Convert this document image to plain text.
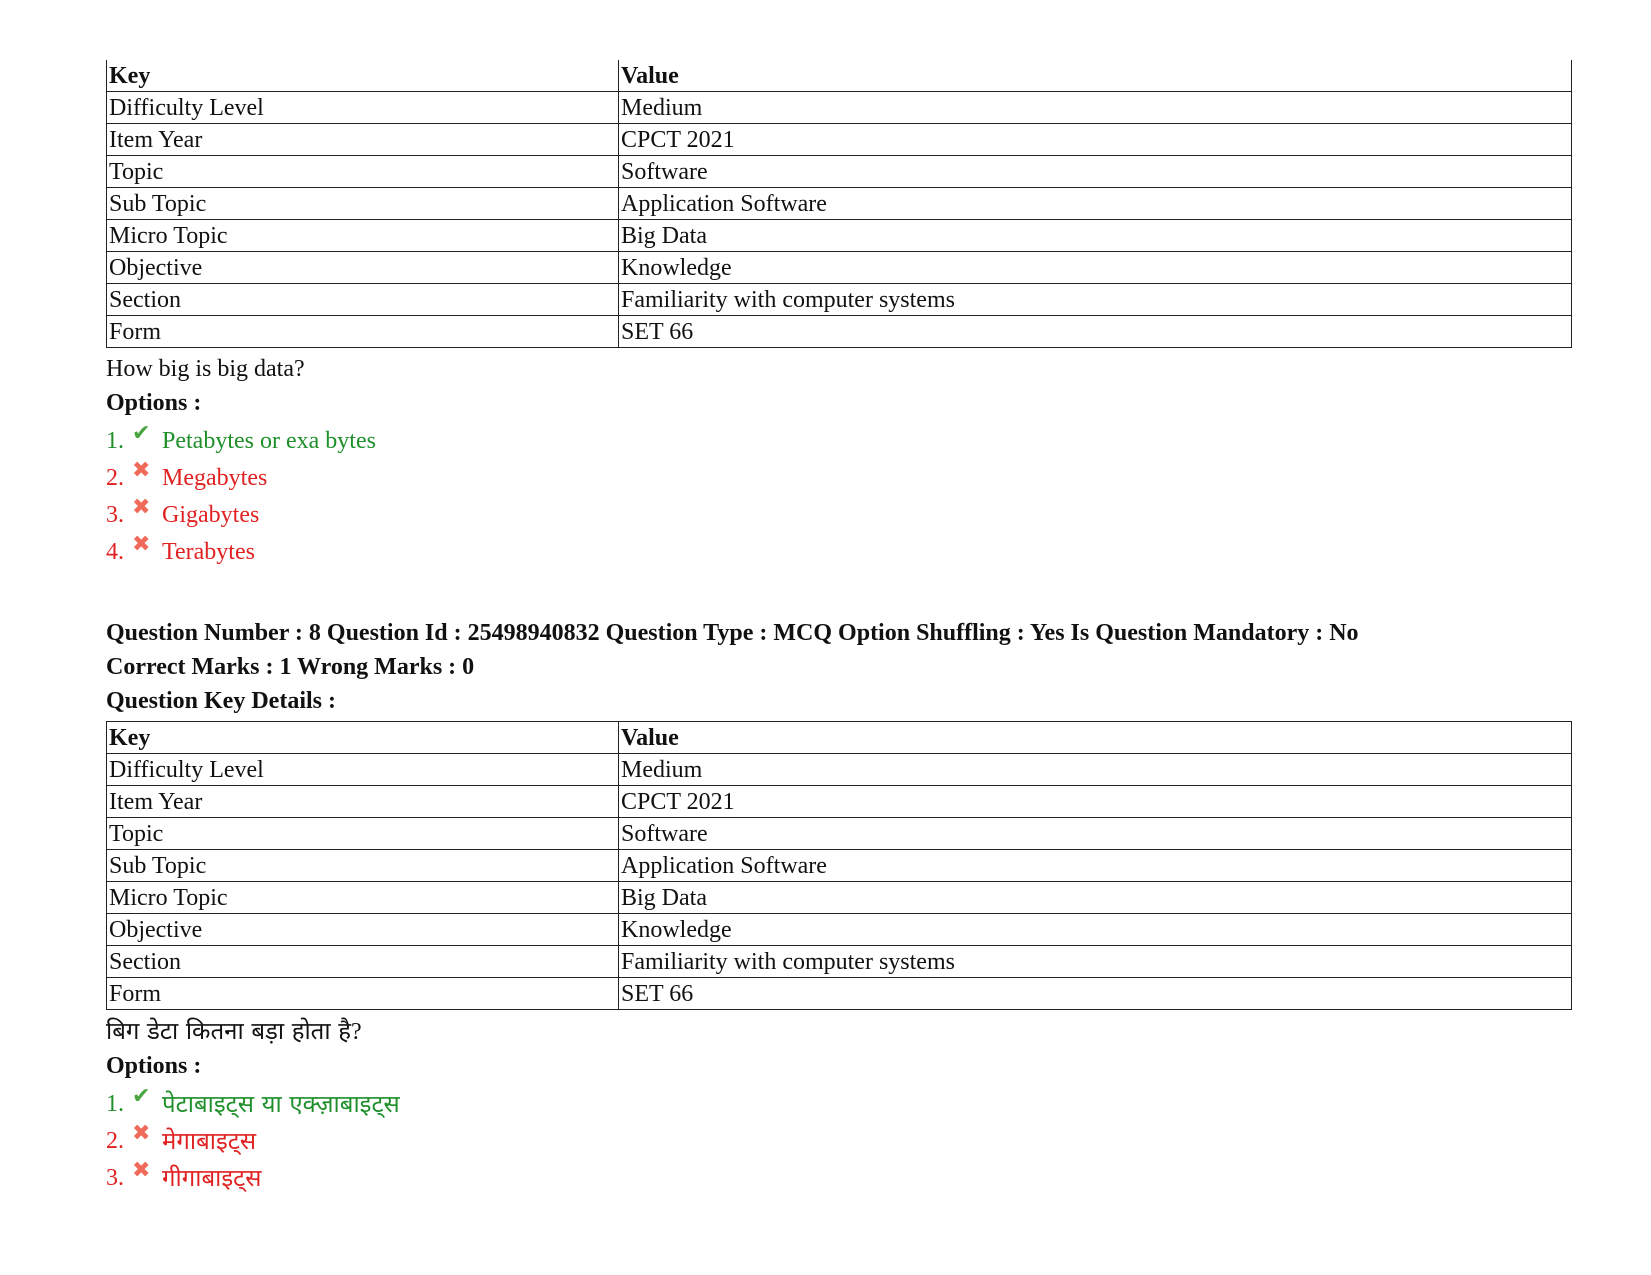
Key	Value
Difficulty Level	Medium
Item Year	CPCT 2021
Topic	Software
Sub Topic	Application Software
Micro Topic	Big Data
Objective	Knowledge
Section	Familiarity with computer systems
Form	SET 66
How big is big data?
Options :
1. ✔ Petabytes or exa bytes
2. ✖ Megabytes
3. ✖ Gigabytes
4. ✖ Terabytes
Question Number : 8 Question Id : 25498940832 Question Type : MCQ Option Shuffling : Yes Is Question Mandatory : No
Correct Marks : 1 Wrong Marks : 0
Question Key Details :
Key	Value
Difficulty Level	Medium
Item Year	CPCT 2021
Topic	Software
Sub Topic	Application Software
Micro Topic	Big Data
Objective	Knowledge
Section	Familiarity with computer systems
Form	SET 66
बिग डेटा कितना बड़ा होता है?
Options :
1. ✔ पेटाबाइट्स या एक्ज़ाबाइट्स
2. ✖ मेगाबाइट्स
3. ✖ गीगाबाइट्स
